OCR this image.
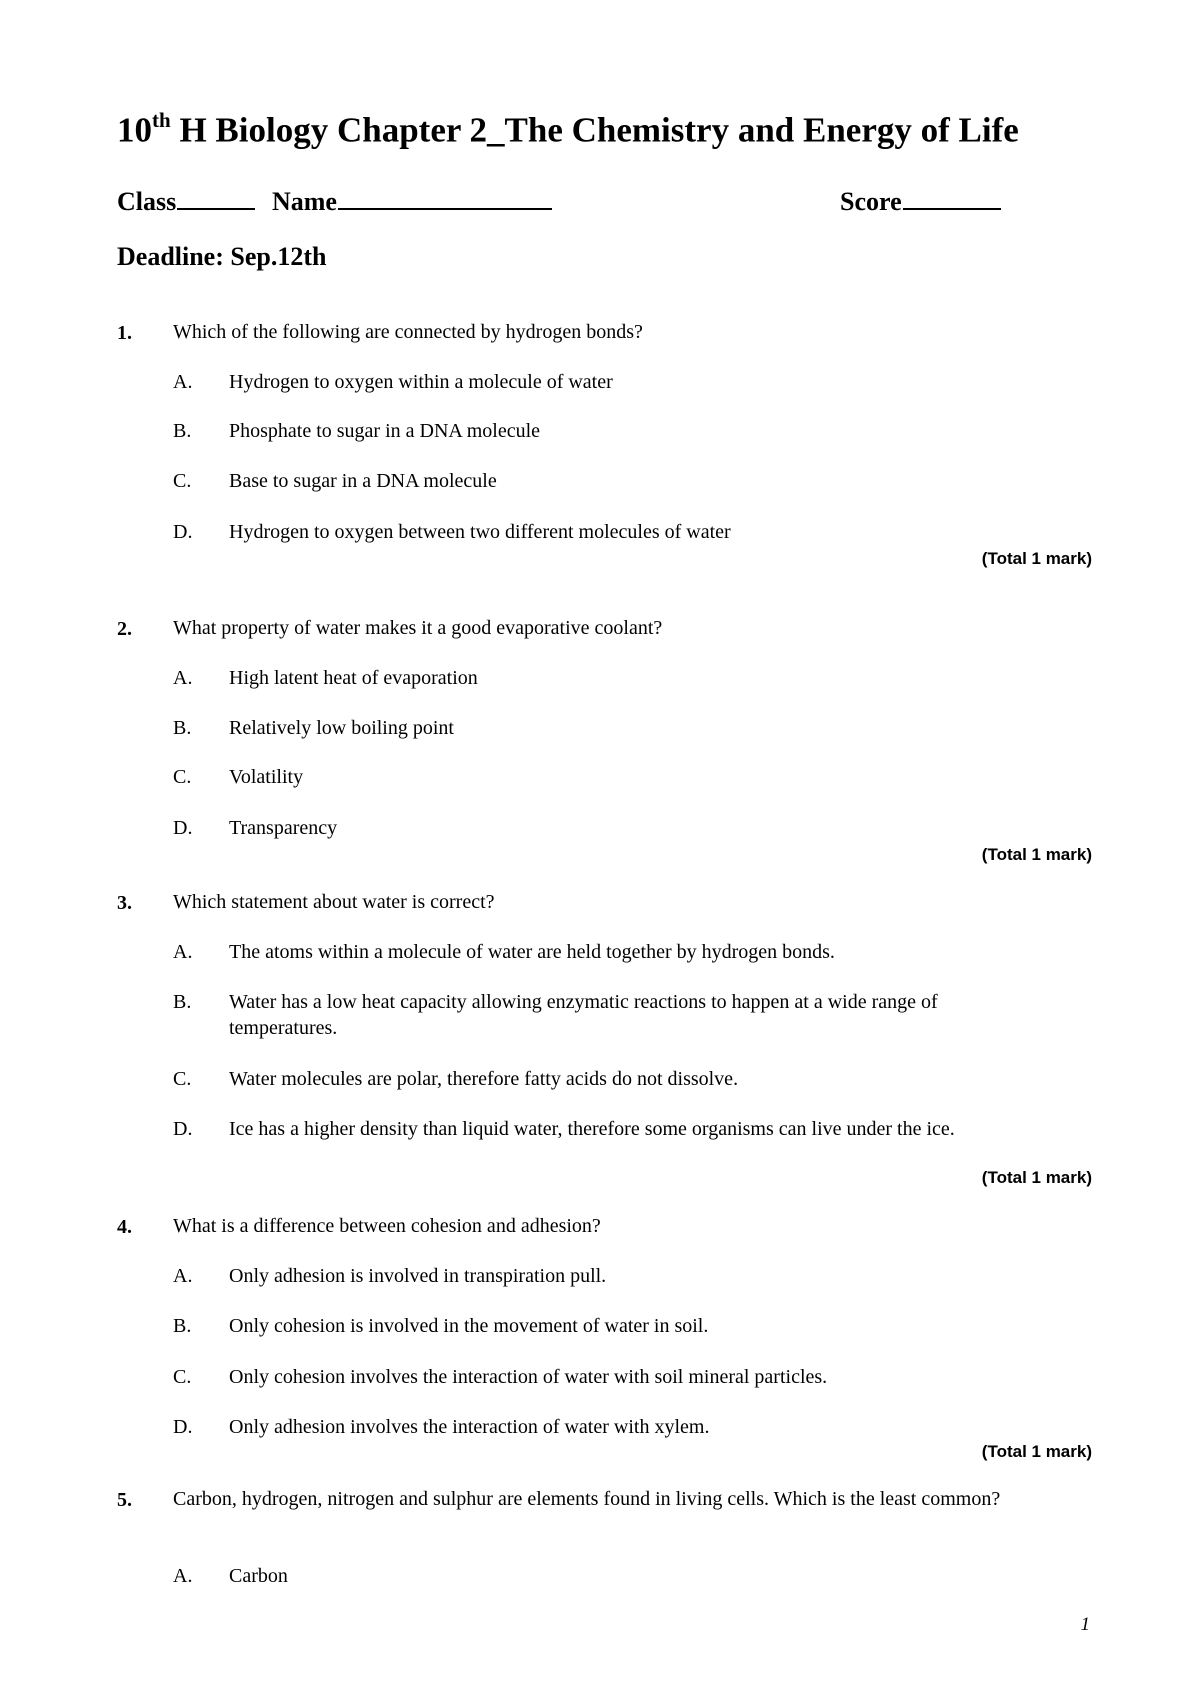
10th H Biology Chapter 2_The Chemistry and Energy of Life
Class	Name	Score
Deadline: Sep.12th
1. Which of the following are connected by hydrogen bonds?
A. Hydrogen to oxygen within a molecule of water
B. Phosphate to sugar in a DNA molecule
C. Base to sugar in a DNA molecule
D. Hydrogen to oxygen between two different molecules of water
(Total 1 mark)
2. What property of water makes it a good evaporative coolant?
A. High latent heat of evaporation
B. Relatively low boiling point
C. Volatility
D. Transparency
(Total 1 mark)
3. Which statement about water is correct?
A. The atoms within a molecule of water are held together by hydrogen bonds.
B. Water has a low heat capacity allowing enzymatic reactions to happen at a wide range of temperatures.
C. Water molecules are polar, therefore fatty acids do not dissolve.
D. Ice has a higher density than liquid water, therefore some organisms can live under the ice.
(Total 1 mark)
4. What is a difference between cohesion and adhesion?
A. Only adhesion is involved in transpiration pull.
B. Only cohesion is involved in the movement of water in soil.
C. Only cohesion involves the interaction of water with soil mineral particles.
D. Only adhesion involves the interaction of water with xylem.
(Total 1 mark)
5. Carbon, hydrogen, nitrogen and sulphur are elements found in living cells. Which is the least common?
A. Carbon
1
